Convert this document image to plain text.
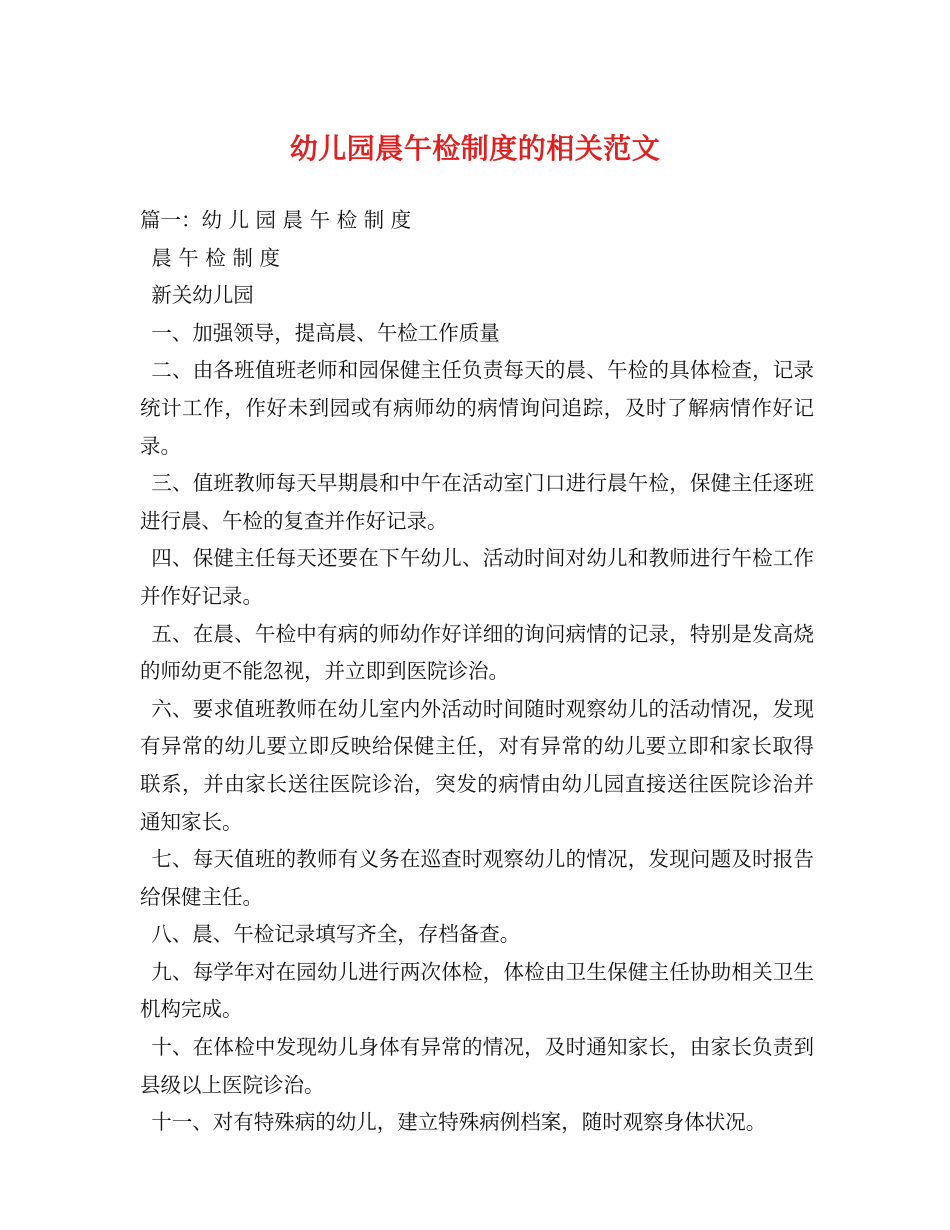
幼儿园晨午检制度的相关范文

篇一：幼 儿 园 晨 午 检 制 度

晨 午 检 制 度

新关幼儿园

一、加强领导，提高晨、午检工作质量

二、由各班值班老师和园保健主任负责每天的晨、午检的具体检查，记录统计工作，作好未到园或有病师幼的病情询问追踪，及时了解病情作好记录。

三、值班教师每天早期晨和中午在活动室门口进行晨午检，保健主任逐班进行晨、午检的复查并作好记录。

四、保健主任每天还要在下午幼儿、活动时间对幼儿和教师进行午检工作并作好记录。

五、在晨、午检中有病的师幼作好详细的询问病情的记录，特别是发高烧的师幼更不能忽视，并立即到医院诊治。

六、要求值班教师在幼儿室内外活动时间随时观察幼儿的活动情况，发现有异常的幼儿要立即反映给保健主任，对有异常的幼儿要立即和家长取得联系，并由家长送往医院诊治，突发的病情由幼儿园直接送往医院诊治并通知家长。

七、每天值班的教师有义务在巡查时观察幼儿的情况，发现问题及时报告给保健主任。

八、晨、午检记录填写齐全，存档备查。

九、每学年对在园幼儿进行两次体检，体检由卫生保健主任协助相关卫生机构完成。

十、在体检中发现幼儿身体有异常的情况，及时通知家长，由家长负责到县级以上医院诊治。

十一、对有特殊病的幼儿，建立特殊病例档案，随时观察身体状况。
